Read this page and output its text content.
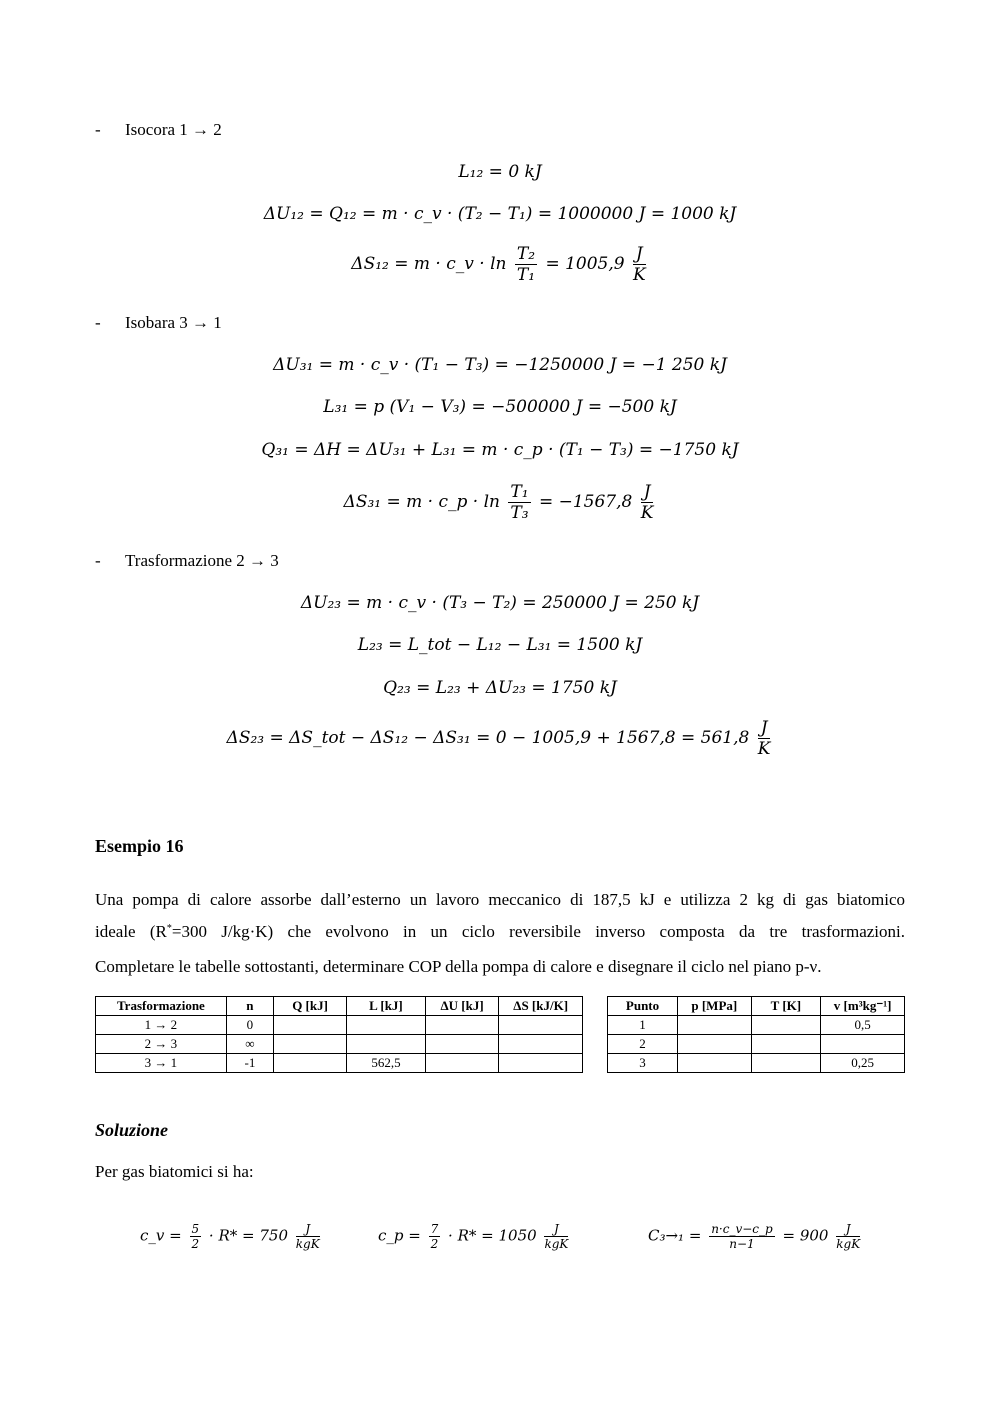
- Isocora 1 → 2
L₁₂ = 0 kJ
ΔU₁₂ = Q₁₂ = m · c_v · (T₂ − T₁) = 1000000 J = 1000 kJ
ΔS₁₂ = m · c_v · $\ln \frac{\text{T₂}}{\text{T₁}} = 1005,9 \frac{J}{K}$
- Isobara 3 → 1
ΔU₃₁ = m · c_v · (T₁ − T₃) = −1250000 J = −1 250 kJ
L₃₁ = p (V₁ − V₃) = −500000 J = −500 kJ
Q₃₁ = ΔH = ΔU₃₁ + L₃₁ = m · c_p · (T₁ − T₃) = −1750 kJ
ΔS₃₁ = m · c_p · $\ln \frac{\text{T₁}}{\text{T₃}} = -1567,8 \frac{J}{K}$
- Trasformazione 2 → 3
ΔU₂₃ = m · c_v · (T₃ − T₂) = 250000 J = 250 kJ
L₂₃ = L_tot − L₁₂ − L₃₁ = 1500 kJ
Q₂₃ = L₂₃ + ΔU₂₃ = 1750 kJ
ΔS₂₃ = ΔS_tot − $\Delta S_{12} - \Delta S_{31} = 0 - 1005,9 + 1567,8 = 561,8 \frac{J}{K}$
Esempio 16
Una pompa di calore assorbe dall’esterno un lavoro meccanico di 187,5 kJ e utilizza 2 kg di gas biatomico
ideale (R*=300 J/kg·K) che evolvono in un ciclo reversibile inverso composta da tre trasformazioni.
Completare le tabelle sottostanti, determinare COP della pompa di calore e disegnare il ciclo nel piano p-ν.
Trasformazione	n	Q [kJ]	L [kJ]	ΔU [kJ]	ΔS [kJ/K]
1 → 2	0				
2 → 3	∞				
3 → 1	-1		562,5		
Punto	p [MPa]	T [K]	v [m³kg⁻¹]
1			0,5
2			
3			0,25
Soluzione
Per gas biatomici si ha:
c_v = $\frac{5}{2} \cdot R* = 750 \frac{J}{\text{kgK}}$	c_p = $\frac{7}{2} \cdot R* = 1050 \frac{J}{\text{kgK}}$	$C_3\to_1 = \frac{n\cdot c\_v-c\_p}{n-1} = 900 \frac{J}{\text{kgK}}$
